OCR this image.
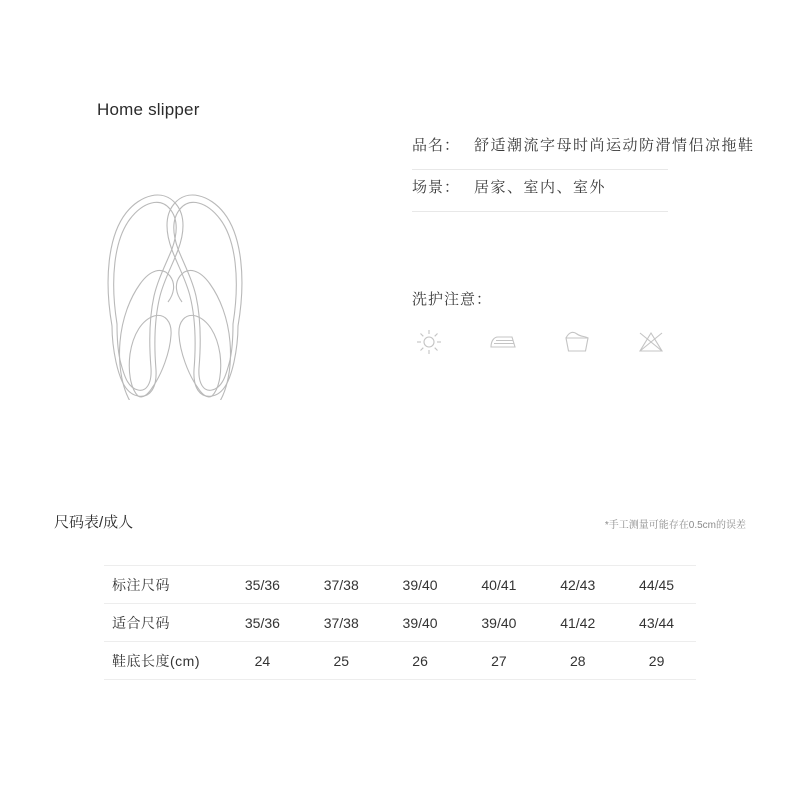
Home slipper
品名： 舒适潮流字母时尚运动防滑情侣凉拖鞋
场景： 居家、室内、室外
洗护注意：
尺码表/成人	*手工测量可能存在0.5cm的误差
标注尺码	35/36	37/38	39/40	40/41	42/43	44/45
适合尺码	35/36	37/38	39/40	39/40	41/42	43/44
鞋底长度(cm)	24	25	26	27	28	29
